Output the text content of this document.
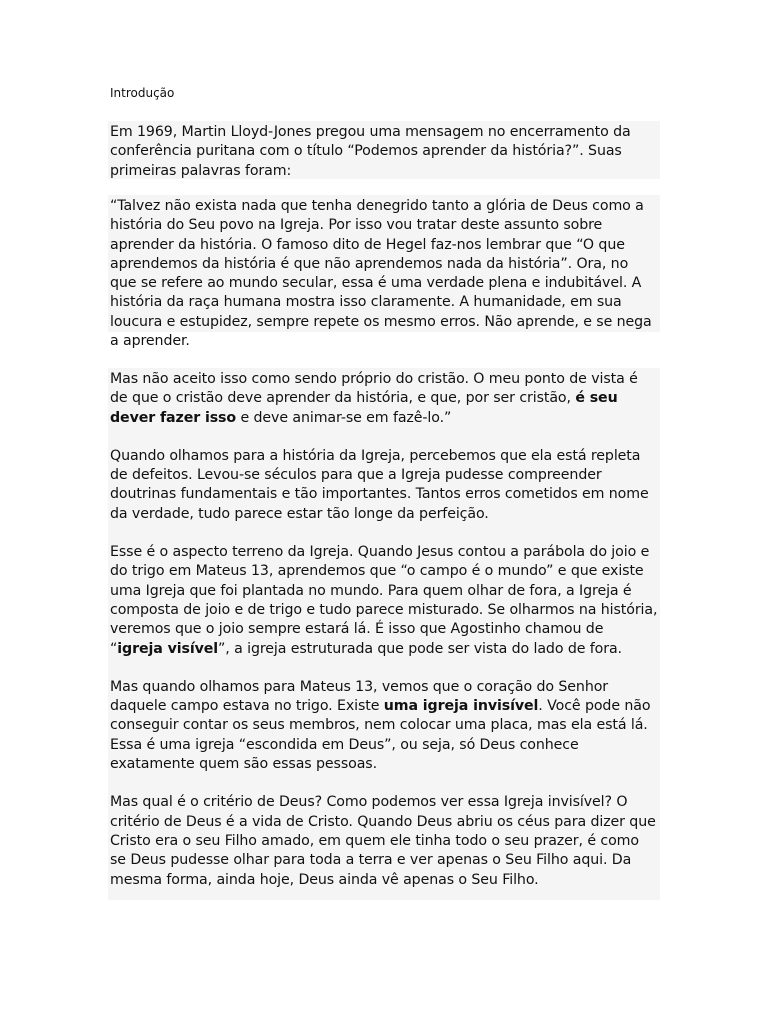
Introdução

Em 1969, Martin Lloyd-Jones pregou uma mensagem no encerramento da conferência puritana com o título “Podemos aprender da história?”. Suas primeiras palavras foram:

“Talvez não exista nada que tenha denegrido tanto a glória de Deus como a história do Seu povo na Igreja. Por isso vou tratar deste assunto sobre aprender da história. O famoso dito de Hegel faz-nos lembrar que “O que aprendemos da história é que não aprendemos nada da história”. Ora, no que se refere ao mundo secular, essa é uma verdade plena e indubitável. A história da raça humana mostra isso claramente. A humanidade, em sua loucura e estupidez, sempre repete os mesmo erros. Não aprende, e se nega a aprender.

Mas não aceito isso como sendo próprio do cristão. O meu ponto de vista é de que o cristão deve aprender da história, e que, por ser cristão, é seu dever fazer isso e deve animar-se em fazê-lo.”

Quando olhamos para a história da Igreja, percebemos que ela está repleta de defeitos. Levou-se séculos para que a Igreja pudesse compreender doutrinas fundamentais e tão importantes. Tantos erros cometidos em nome da verdade, tudo parece estar tão longe da perfeição.

Esse é o aspecto terreno da Igreja. Quando Jesus contou a parábola do joio e do trigo em Mateus 13, aprendemos que “o campo é o mundo” e que existe uma Igreja que foi plantada no mundo. Para quem olhar de fora, a Igreja é composta de joio e de trigo e tudo parece misturado. Se olharmos na história, veremos que o joio sempre estará lá. É isso que Agostinho chamou de “igreja visível”, a igreja estruturada que pode ser vista do lado de fora.

Mas quando olhamos para Mateus 13, vemos que o coração do Senhor daquele campo estava no trigo. Existe uma igreja invisível. Você pode não conseguir contar os seus membros, nem colocar uma placa, mas ela está lá. Essa é uma igreja “escondida em Deus”, ou seja, só Deus conhece exatamente quem são essas pessoas.

Mas qual é o critério de Deus? Como podemos ver essa Igreja invisível? O critério de Deus é a vida de Cristo. Quando Deus abriu os céus para dizer que Cristo era o seu Filho amado, em quem ele tinha todo o seu prazer, é como se Deus pudesse olhar para toda a terra e ver apenas o Seu Filho aqui. Da mesma forma, ainda hoje, Deus ainda vê apenas o Seu Filho.
